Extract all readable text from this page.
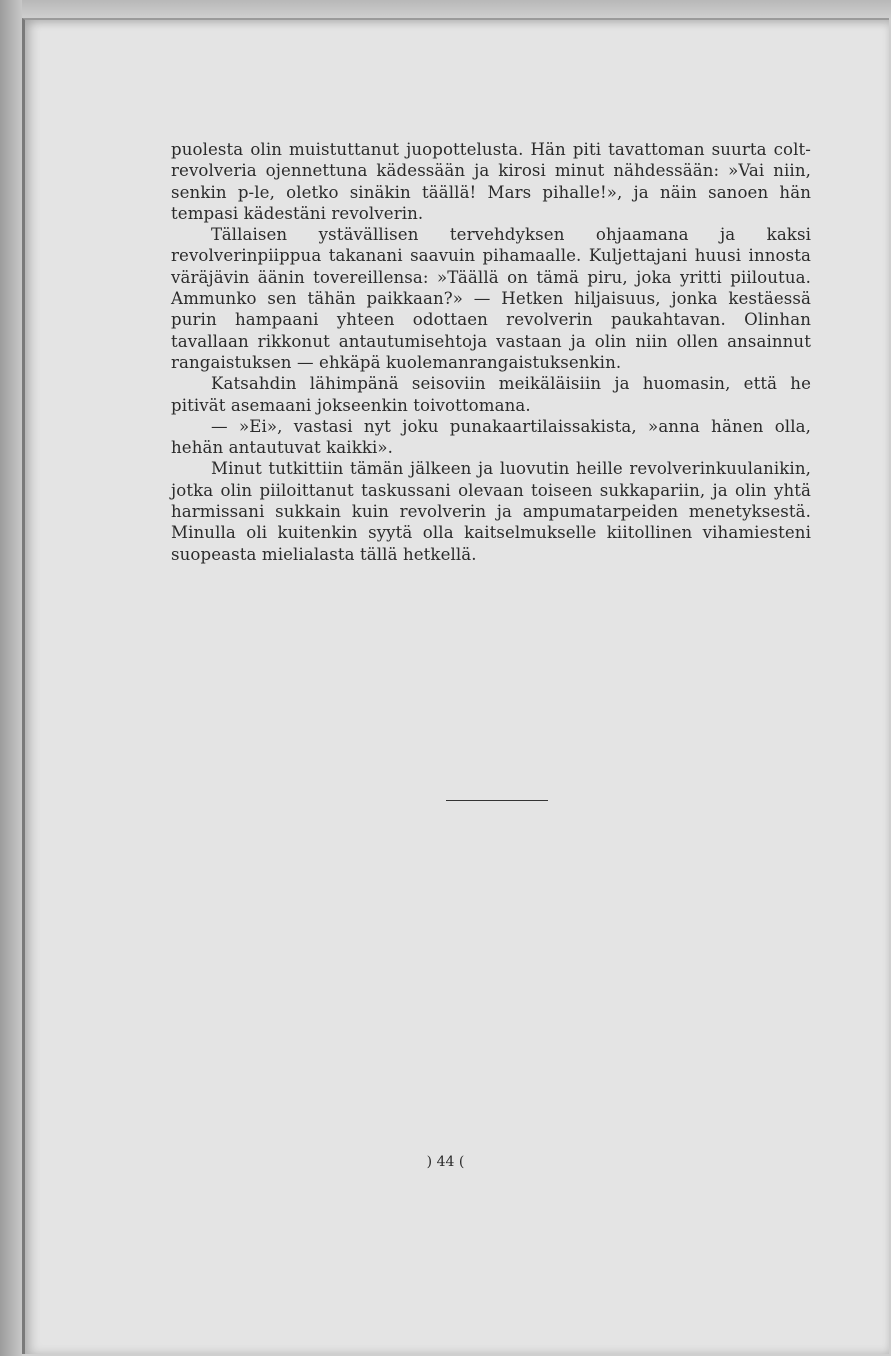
puolesta olin muistuttanut juopottelusta. Hän piti tavattoman suurta colt-revolveria ojennettuna kädessään ja kirosi minut nähdessään: »Vai niin, senkin p-le, oletko sinäkin täällä! Mars pihalle!», ja näin sanoen hän tempasi kädestäni revolverin.

Tällaisen ystävällisen tervehdyksen ohjaamana ja kaksi revolverinpiippua takanani saavuin pihamaalle. Kuljettajani huusi innosta väräjävin äänin tovereillensa: »Täällä on tämä piru, joka yritti piiloutua. Ammunko sen tähän paikkaan?» — Hetken hiljaisuus, jonka kestäessä purin hampaani yhteen odottaen revolverin paukahtavan. Olinhan tavallaan rikkonut antautumisehtoja vastaan ja olin niin ollen ansainnut rangaistuksen — ehkäpä kuolemanrangaistuksenkin.

Katsahdin lähimpänä seisoviin meikäläisiin ja huomasin, että he pitivät asemaani jokseenkin toivottomana.

— »Ei», vastasi nyt joku punakaartilaissakista, »anna hänen olla, hehän antautuvat kaikki».

Minut tutkittiin tämän jälkeen ja luovutin heille revolverinkuulanikin, jotka olin piiloittanut taskussani olevaan toiseen sukkapariin, ja olin yhtä harmissani sukkain kuin revolverin ja ampumatarpeiden menetyksestä. Minulla oli kuitenkin syytä olla kaitselmukselle kiitollinen vihamiesteni suopeasta mielialasta tällä hetkellä.

) 44 (
